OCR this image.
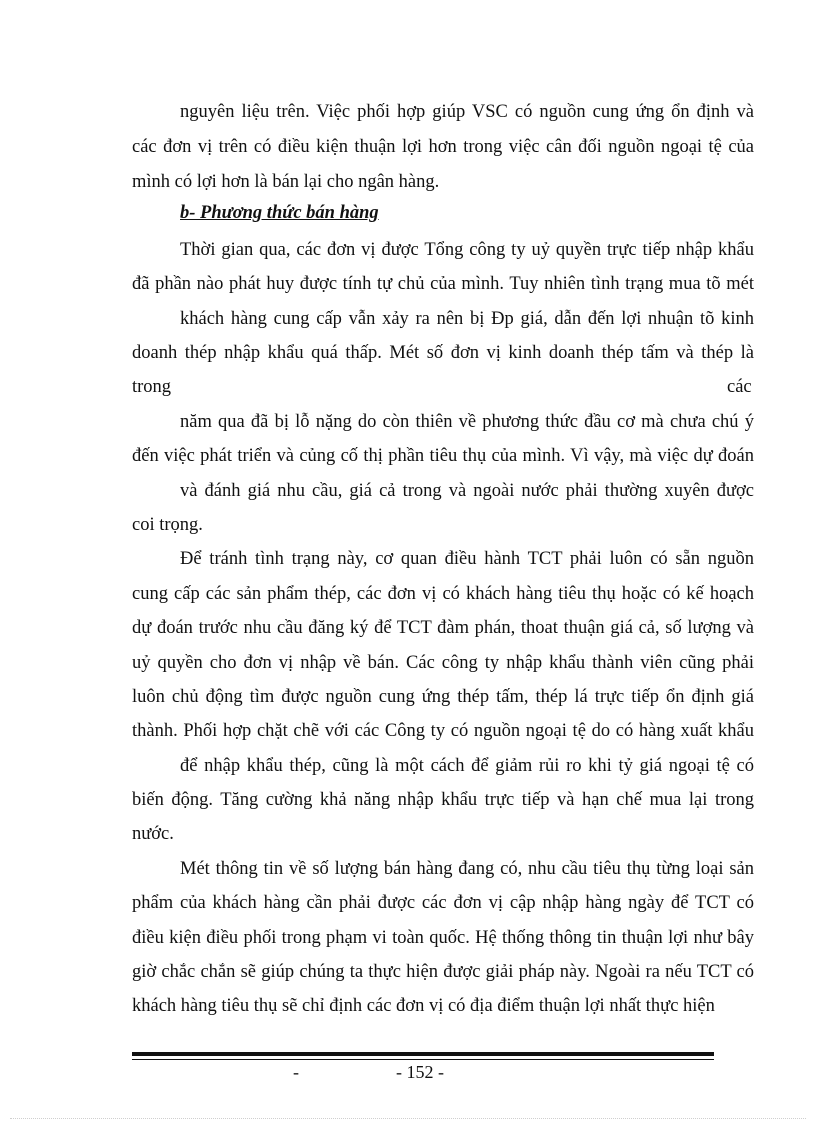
nguyên liệu trên. Việc phối hợp giúp VSC có nguồn cung ứng ổn định và
các đơn vị trên có điều kiện thuận lợi hơn trong việc cân đối nguồn ngoại tệ của
mình có lợi hơn là bán lại cho ngân hàng.
b- Phương thức bán hàng
Thời gian qua, các đơn vị được Tổng công ty uỷ quyền trực tiếp nhập khẩu
đã phần nào phát huy được tính tự chủ của mình. Tuy nhiên tình trạng mua tõ mét
khách hàng cung cấp vẫn xảy ra nên bị Đp giá, dẫn đến lợi nhuận tõ kinh
doanh thép nhập khẩu quá thấp. Mét số đơn vị kinh doanh thép tấm và thép là
trong	các
năm qua đã bị lỗ nặng do còn thiên về phương thức đầu cơ mà chưa chú ý
đến việc phát triển và củng cố thị phần tiêu thụ của mình. Vì vậy, mà việc dự đoán
và đánh giá nhu cầu, giá cả trong và ngoài nước phải thường xuyên được
coi trọng.
Để tránh tình trạng này, cơ quan điều hành TCT phải luôn có sẵn nguồn
cung cấp các sản phẩm thép, các đơn vị có khách hàng tiêu thụ hoặc có kế hoạch
dự đoán trước nhu cầu đăng ký để TCT đàm phán, thoat thuận giá cả, số lượng và
uỷ quyền cho đơn vị nhập về bán. Các công ty nhập khẩu thành viên cũng phải
luôn chủ động tìm được nguồn cung ứng thép tấm, thép lá trực tiếp ổn định giá
thành. Phối hợp chặt chẽ với các Công ty có nguồn ngoại tệ do có hàng xuất khẩu
để nhập khẩu thép, cũng là một cách để giảm rủi ro khi tỷ giá ngoại tệ có
biến động. Tăng cường khả năng nhập khẩu trực tiếp và hạn chế mua lại trong
nước.
Mét thông tin về số lượng bán hàng đang có, nhu cầu tiêu thụ từng loại sản
phẩm của khách hàng cần phải được các đơn vị cập nhập hàng ngày để TCT có
điều kiện điều phối trong phạm vi toàn quốc. Hệ thống thông tin thuận lợi như bây
giờ chắc chắn sẽ giúp chúng ta thực hiện được giải pháp này. Ngoài ra nếu TCT có
khách hàng tiêu thụ sẽ chỉ định các đơn vị có địa điểm thuận lợi nhất thực hiện
-	- 152 -
